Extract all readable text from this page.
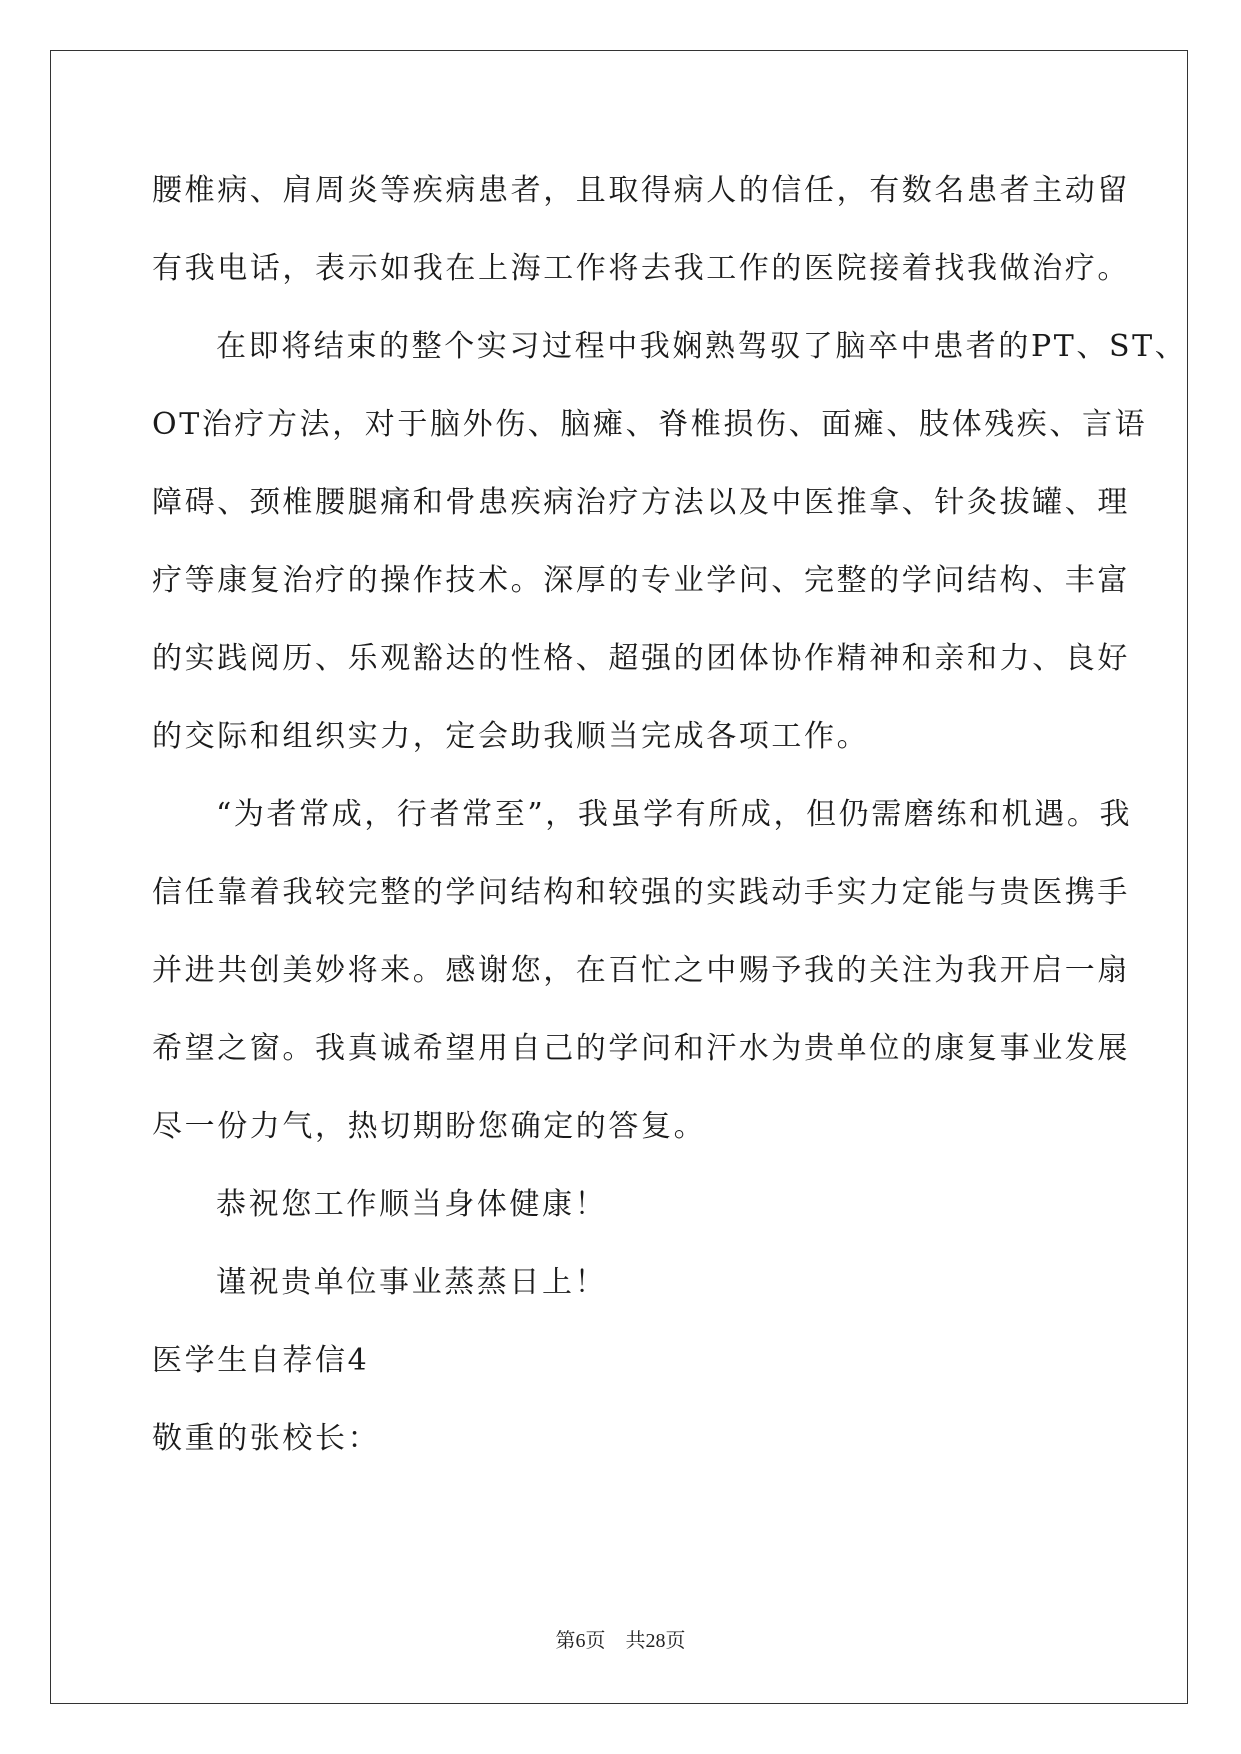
腰椎病、肩周炎等疾病患者，且取得病人的信任，有数名患者主动留
有我电话，表示如我在上海工作将去我工作的医院接着找我做治疗。
在即将结束的整个实习过程中我娴熟驾驭了脑卒中患者的PT、ST、
OT治疗方法，对于脑外伤、脑瘫、脊椎损伤、面瘫、肢体残疾、言语
障碍、颈椎腰腿痛和骨患疾病治疗方法以及中医推拿、针灸拔罐、理
疗等康复治疗的操作技术。深厚的专业学问、完整的学问结构、丰富
的实践阅历、乐观豁达的性格、超强的团体协作精神和亲和力、良好
的交际和组织实力，定会助我顺当完成各项工作。
“为者常成，行者常至”，我虽学有所成，但仍需磨练和机遇。我
信任靠着我较完整的学问结构和较强的实践动手实力定能与贵医携手
并进共创美妙将来。感谢您，在百忙之中赐予我的关注为我开启一扇
希望之窗。我真诚希望用自己的学问和汗水为贵单位的康复事业发展
尽一份力气，热切期盼您确定的答复。
恭祝您工作顺当身体健康！
谨祝贵单位事业蒸蒸日上！
医学生自荐信4
敬重的张校长：
第6页 共28页
